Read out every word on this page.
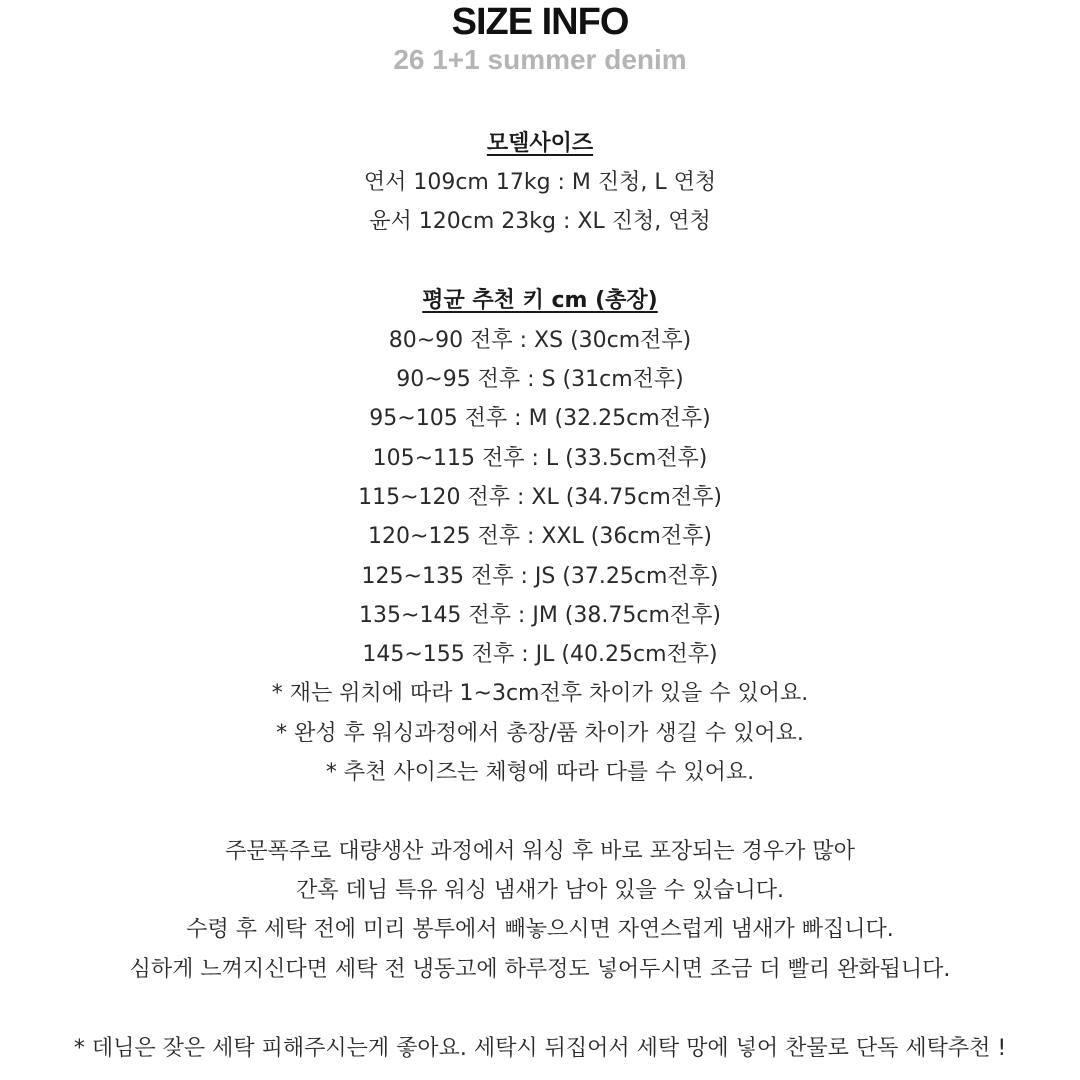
SIZE INFO
26 1+1 summer denim
모델사이즈
연서 109cm 17kg : M 진청, L 연청
윤서 120cm 23kg : XL 진청, 연청
평균 추천 키 cm (총장)
80~90 전후 : XS (30cm전후)
90~95 전후 : S (31cm전후)
95~105 전후 : M (32.25cm전후)
105~115 전후 : L (33.5cm전후)
115~120 전후 : XL (34.75cm전후)
120~125 전후 : XXL (36cm전후)
125~135 전후 : JS (37.25cm전후)
135~145 전후 : JM (38.75cm전후)
145~155 전후 : JL (40.25cm전후)
* 재는 위치에 따라 1~3cm전후 차이가 있을 수 있어요.
* 완성 후 워싱과정에서 총장/품 차이가 생길 수 있어요.
* 추천 사이즈는 체형에 따라 다를 수 있어요.
주문폭주로 대량생산 과정에서 워싱 후 바로 포장되는 경우가 많아
간혹 데님 특유 워싱 냄새가 남아 있을 수 있습니다.
수령 후 세탁 전에 미리 봉투에서 빼놓으시면 자연스럽게 냄새가 빠집니다.
심하게 느껴지신다면 세탁 전 냉동고에 하루정도 넣어두시면 조금 더 빨리 완화됩니다.
* 데님은 잦은 세탁 피해주시는게 좋아요. 세탁시 뒤집어서 세탁 망에 넣어 찬물로 단독 세탁추천 !
